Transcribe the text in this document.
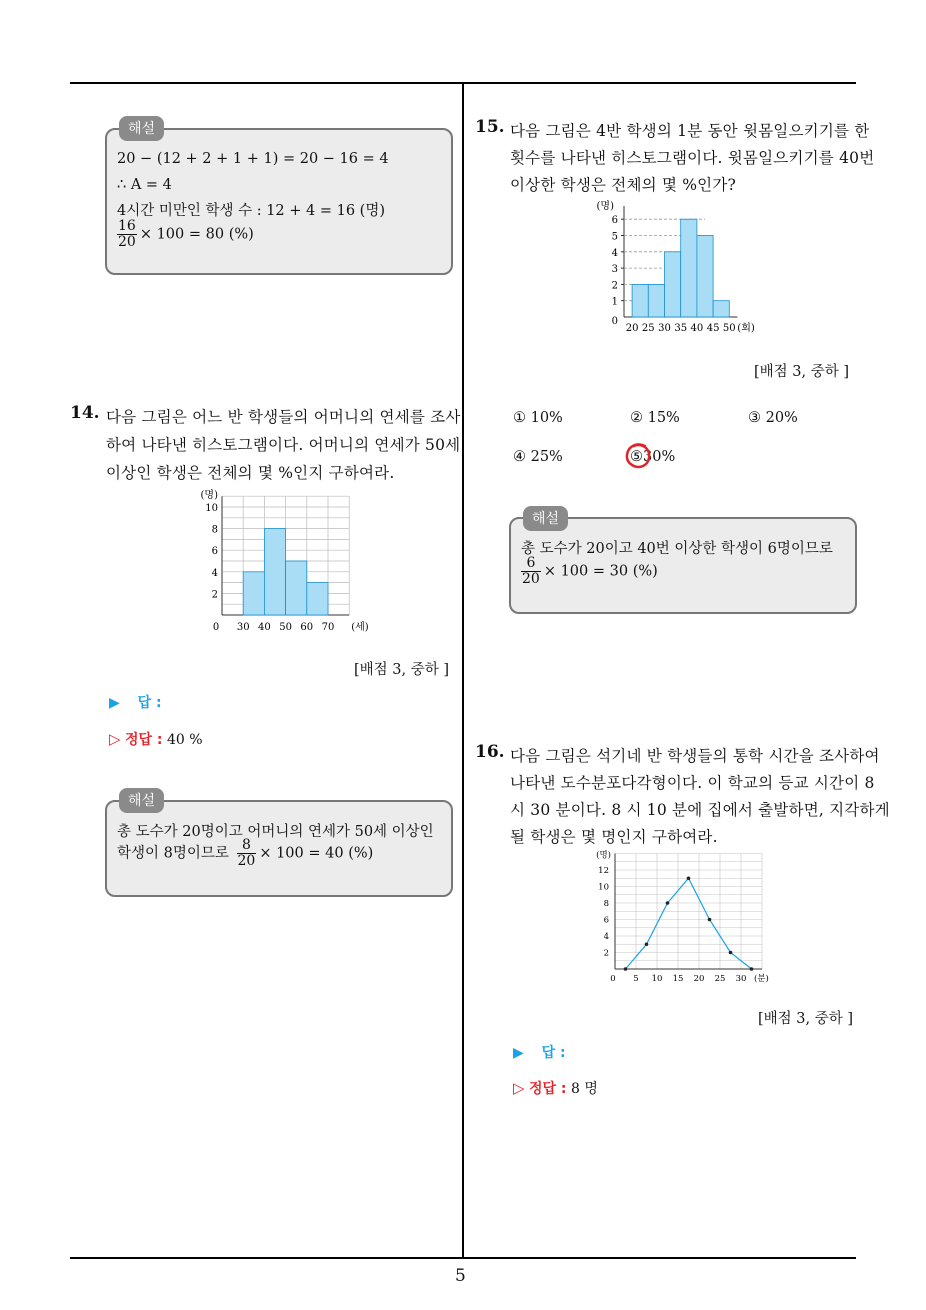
5
해설
20 − (12 + 2 + 1 + 1) = 20 − 16 = 4
∴ A = 4
4시간 미만인 학생 수 : 12 + 4 = 16 (명)
$\frac{16}{20} \times 100 = 80$ (%)
14. 다음 그림은 어느 반 학생들의 어머니의 연세를 조사
하여 나타낸 히스토그램이다. 어머니의 연세가 50세
이상인 학생은 전체의 몇 %인지 구하여라.
2
4
6
8
10
(명)
0 30 40 50 60 70 (세)
[배점 3, 중하 ]
▶ 답 :
▷ 정답 : 40 %
해설
총 도수가 20명이고 어머니의 연세가 50세 이상인
학생이 8명이므로 $\frac{8}{20} \times 100 = 40$ (%)
15. 다음 그림은 4반 학생의 1분 동안 윗몸일으키기를 한
횟수를 나타낸 히스토그램이다. 윗몸일으키기를 40번
이상한 학생은 전체의 몇 %인가?
(명)
0
1
2
3
4
5
6
20 25 30 35 40 45 50 (회)
[배점 3, 중하 ]
① 10%	② 15%	③ 20%
④ 25%	⑤30%
해설
총 도수가 20이고 40번 이상한 학생이 6명이므로
$\frac{6}{20} \times 100 = 30$ (%)
16. 다음 그림은 석기네 반 학생들의 통학 시간을 조사하여
나타낸 도수분포다각형이다. 이 학교의 등교 시간이 8
시 30 분이다. 8 시 10 분에 집에서 출발하면, 지각하게
될 학생은 몇 명인지 구하여라.
2
4
6
8
10
12
(명)
0 5 10 15 20 25 30 (분)
[배점 3, 중하 ]
▶ 답 :
▷ 정답 : 8 명
